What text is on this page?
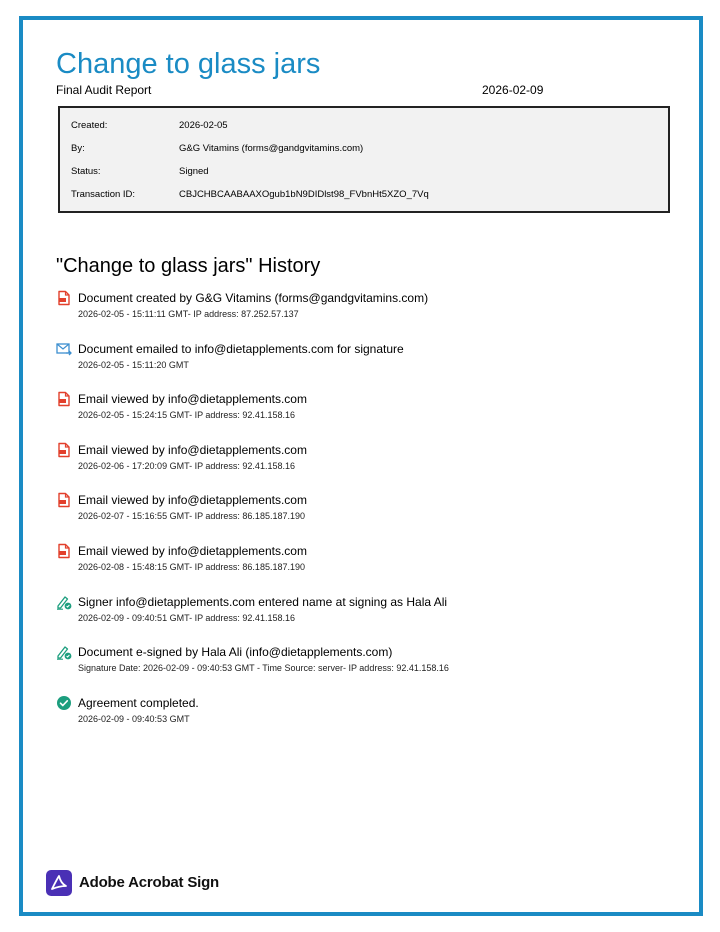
Change to glass jars
Final Audit Report	2026-02-09
Created:	2026-02-05
By:	G&G Vitamins (forms@gandgvitamins.com)
Status:	Signed
Transaction ID:	CBJCHBCAABAAXOgub1bN9DIDlst98_FVbnHt5XZO_7Vq
"Change to glass jars" History
Document created by G&G Vitamins (forms@gandgvitamins.com)
2026-02-05 - 15:11:11 GMT- IP address: 87.252.57.137
Document emailed to info@dietapplements.com for signature
2026-02-05 - 15:11:20 GMT
Email viewed by info@dietapplements.com
2026-02-05 - 15:24:15 GMT- IP address: 92.41.158.16
Email viewed by info@dietapplements.com
2026-02-06 - 17:20:09 GMT- IP address: 92.41.158.16
Email viewed by info@dietapplements.com
2026-02-07 - 15:16:55 GMT- IP address: 86.185.187.190
Email viewed by info@dietapplements.com
2026-02-08 - 15:48:15 GMT- IP address: 86.185.187.190
Signer info@dietapplements.com entered name at signing as Hala Ali
2026-02-09 - 09:40:51 GMT- IP address: 92.41.158.16
Document e-signed by Hala Ali (info@dietapplements.com)
Signature Date: 2026-02-09 - 09:40:53 GMT - Time Source: server- IP address: 92.41.158.16
Agreement completed.
2026-02-09 - 09:40:53 GMT
Adobe Acrobat Sign
